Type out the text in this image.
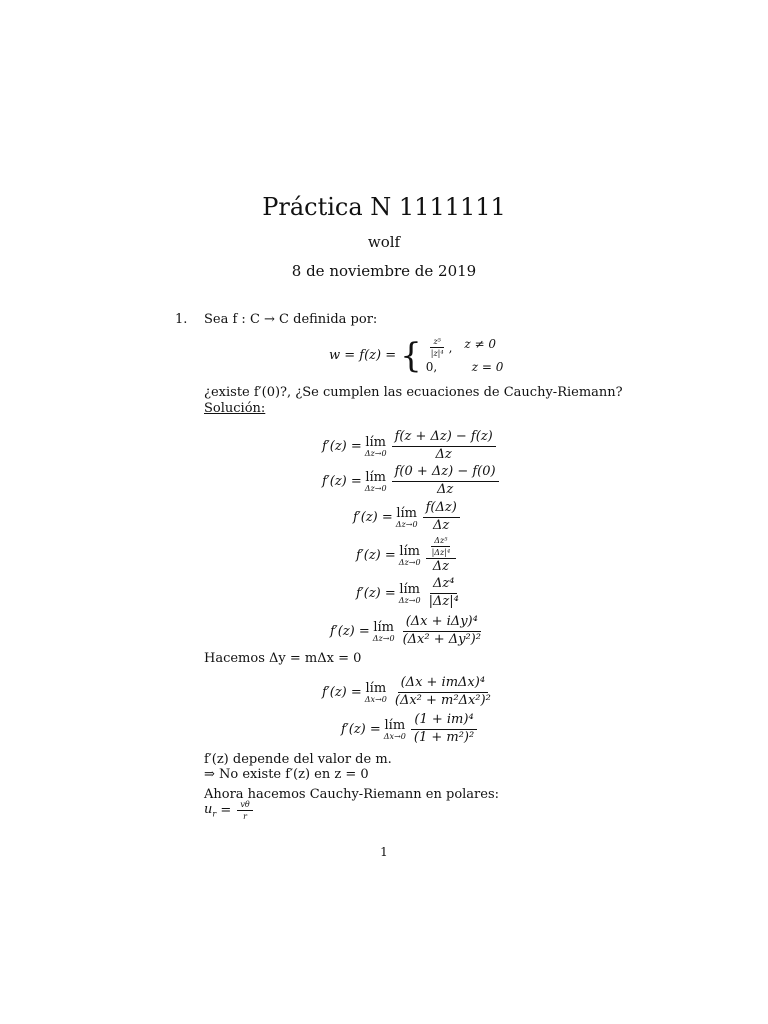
Práctica N 1111111
wolf
8 de noviembre de 2019
1. Sea f : C → C definida por:
w = f(z) = { $\frac{\text{z⁵}}{\text{|z|⁴}}$ , z ≠ 0
0,	z = 0
¿existe f′(0)?, ¿Se cumplen las ecuaciones de Cauchy-Riemann?
Solución:
f′(z) = lím
$\Delta z\to 0 \frac{f(z + \Delta z) - f(z)}{\Delta z}$
f′(z) = lím
$\Delta z\to 0 \frac{f(0 + \Delta z) - f(0)}{\Delta z}$
f′(z) = lím
$\Delta z\to 0 \frac{f(\Delta z)}{\Delta z}$
f′(z) = lím
$\Delta z\to 0 \frac{\frac{\text{Δz⁵}}{\text{|Δz|⁴}}}{\Delta z}$
f′(z) = lím
$\Delta z\to 0 \frac{\text{Δz⁴}}{\text{|Δz|⁴}}$
f′(z) = lím
$\Delta z\to 0 \frac{\text{(Δx + iΔy)⁴}}{\text{(Δx² + Δy²)²}}$
Hacemos Δy = mΔx = 0
f′(z) = lím
$\Delta x\to 0 \frac{\text{(Δx + imΔx)⁴}}{\text{(Δx² + m²Δx²)²}}$
f′(z) = lím
$\Delta x\to 0 \frac{\text{(1 + im)⁴}}{\text{(1 + m²)²}}$
f′(z) depende del valor de m.
⇒ No existe f′(z) en z = 0
Ahora hacemos Cauchy-Riemann en polares:
$u_r = \frac{v\theta}{r}$
1
